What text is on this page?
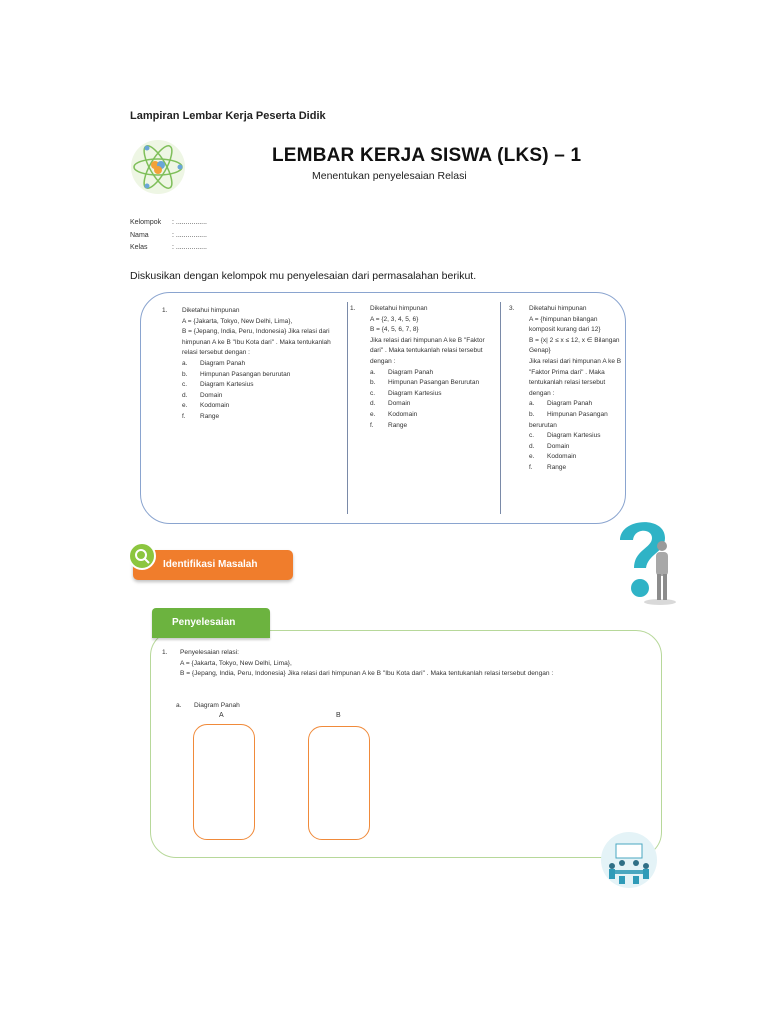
Lampiran Lembar Kerja Peserta Didik
LEMBAR KERJA SISWA (LKS) – 1
Menentukan penyelesaian Relasi
Kelompok : ................
Nama	: ................
Kelas	: ................
Diskusikan dengan kelompok mu penyelesaian dari permasalahan berikut.
1. Diketahui himpunan
A = {Jakarta, Tokyo, New Delhi, Lima},
B = {Jepang, India, Peru, Indonesia} Jika relasi dari himpunan A ke B "Ibu Kota dari" . Maka tentukanlah relasi tersebut dengan :
a. Diagram Panah
b. Himpunan Pasangan berurutan
c. Diagram Kartesius
d. Domain
e. Kodomain
f. Range
1. Diketahui himpunan
A = {2, 3, 4, 5, 6}
B = {4, 5, 6, 7, 8}
Jika relasi dari himpunan A ke B "Faktor dari" . Maka tentukanlah relasi tersebut dengan :
a. Diagram Panah
b. Himpunan Pasangan Berurutan
c. Diagram Kartesius
d. Domain
e. Kodomain
f. Range
3. Diketahui himpunan
A = {himpunan bilangan komposit kurang dari 12}
B = {x| 2 ≤ x ≤ 12, x ∈ Bilangan Genap}
Jika relasi dari himpunan A ke B "Faktor Prima dari" . Maka tentukanlah relasi tersebut dengan :
a. Diagram Panah
b. Himpunan Pasangan berurutan
c. Diagram Kartesius
d. Domain
e. Kodomain
f. Range
Identifikasi Masalah
Penyelesaian
1. Penyelesaian relasi:
A = {Jakarta, Tokyo, New Delhi, Lima},
B = {Jepang, India, Peru, Indonesia} Jika relasi dari himpunan A ke B "Ibu Kota dari" . Maka tentukanlah relasi tersebut dengan :
a. Diagram Panah
A	B
